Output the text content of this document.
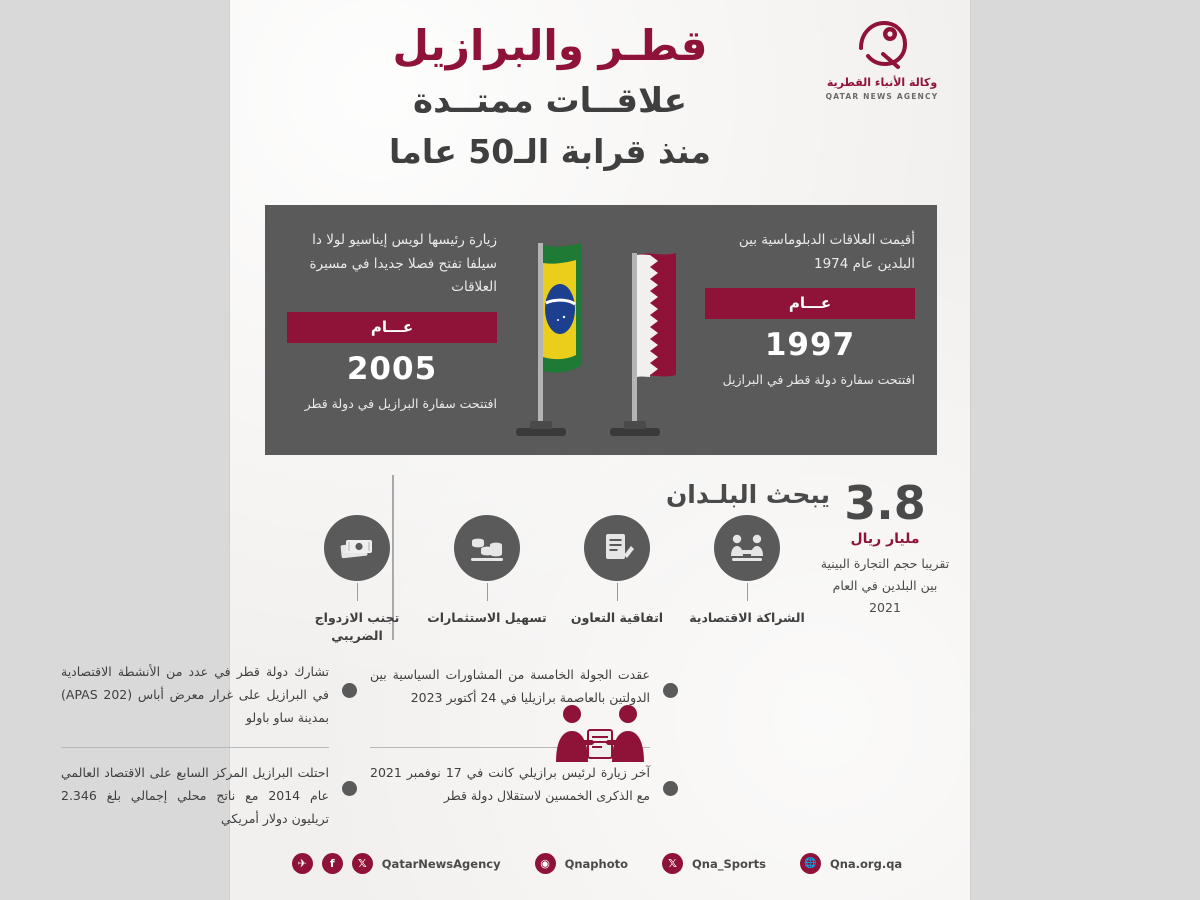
قطـر والبرازيل
علاقــات ممتــدة
منذ قرابة الـ50 عاما
وكالة الأنباء القطرية
QATAR NEWS AGENCY
أقيمت العلاقات الدبلوماسية بين البلدين عام 1974
عـــام
1997
افتتحت سفارة دولة قطر في البرازيل
زيارة رئيسها لويس إيناسيو لولا دا سيلفا تفتح فصلا جديدا في مسيرة العلاقات
عـــام
2005
افتتحت سفارة البرازيل في دولة قطر
يبحث البلـدان 3.8
مليار ريال
تقريبا حجم التجارة البينية بين البلدين في العام 2021
الشراكة الاقتصادية
اتفاقية التعاون
تسهيل الاستثمارات
تجنب الازدواج الضريبي
عقدت الجولة الخامسة من المشاورات السياسية بين الدولتين بالعاصمة برازيليا في 24 أكتوبر 2023
آخر زيارة لرئيس برازيلي كانت في 17 نوفمبر 2021 مع الذكرى الخمسين لاستقلال دولة قطر
تشارك دولة قطر في عدد من الأنشطة الاقتصادية في البرازيل على غرار معرض أباس (APAS 202) بمدينة ساو باولو
احتلت البرازيل المركز السابع على الاقتصاد العالمي عام 2014 مع ناتج محلي إجمالي بلغ 2.346 تريليون دولار أمريكي
✈ f 𝕏 QatarNewsAgency	◉ Qnaphoto	𝕏 Qna_Sports	🌐 Qna.org.qa
